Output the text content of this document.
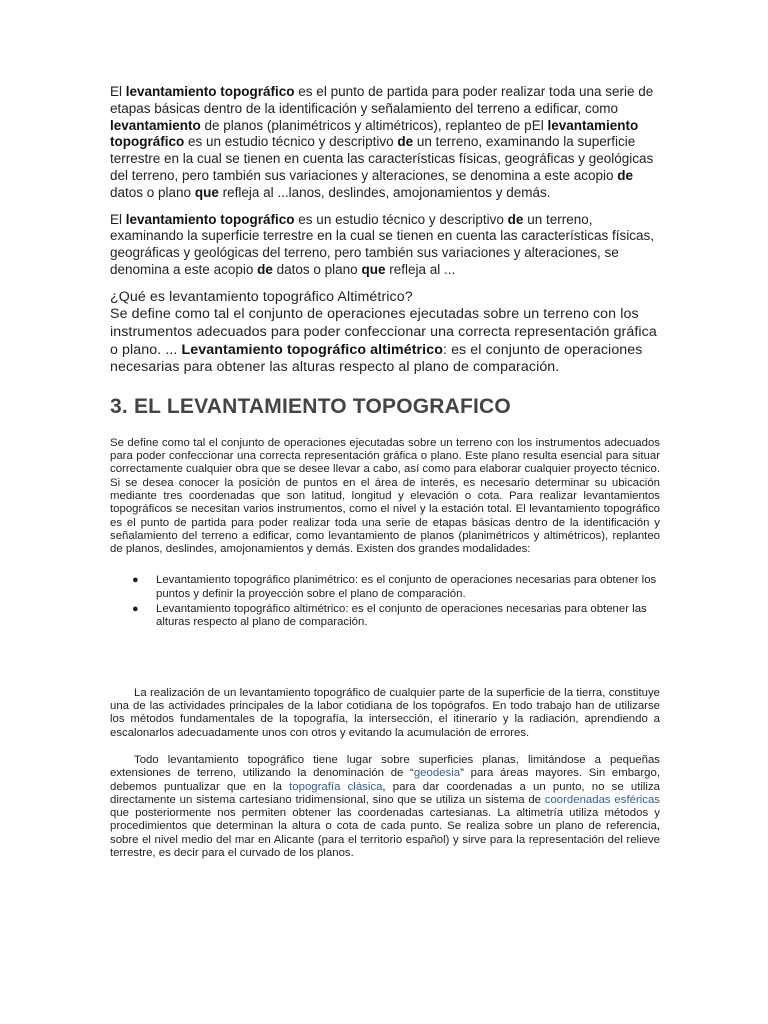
El levantamiento topográfico es el punto de partida para poder realizar toda una serie de etapas básicas dentro de la identificación y señalamiento del terreno a edificar, como levantamiento de planos (planimétricos y altimétricos), replanteo de pEl levantamiento topográfico es un estudio técnico y descriptivo de un terreno, examinando la superficie terrestre en la cual se tienen en cuenta las características físicas, geográficas y geológicas del terreno, pero también sus variaciones y alteraciones, se denomina a este acopio de datos o plano que refleja al ...lanos, deslindes, amojonamientos y demás.

El levantamiento topográfico es un estudio técnico y descriptivo de un terreno, examinando la superficie terrestre en la cual se tienen en cuenta las características físicas, geográficas y geológicas del terreno, pero también sus variaciones y alteraciones, se denomina a este acopio de datos o plano que refleja al ...

¿Qué es levantamiento topográfico Altimétrico?
Se define como tal el conjunto de operaciones ejecutadas sobre un terreno con los instrumentos adecuados para poder confeccionar una correcta representación gráfica o plano. ... Levantamiento topográfico altimétrico: es el conjunto de operaciones necesarias para obtener las alturas respecto al plano de comparación.

3. EL LEVANTAMIENTO TOPOGRAFICO

Se define como tal el conjunto de operaciones ejecutadas sobre un terreno con los instrumentos adecuados para poder confeccionar una correcta representación gráfica o plano. Este plano resulta esencial para situar correctamente cualquier obra que se desee llevar a cabo, así como para elaborar cualquier proyecto técnico. Si se desea conocer la posición de puntos en el área de interés, es necesario determinar su ubicación mediante tres coordenadas que son latitud, longitud y elevación o cota. Para realizar levantamientos topográficos se necesitan varios instrumentos, como el nivel y la estación total. El levantamiento topográfico es el punto de partida para poder realizar toda una serie de etapas básicas dentro de la identificación y señalamiento del terreno a edificar, como levantamiento de planos (planimétricos y altimétricos), replanteo de planos, deslindes, amojonamientos y demás. Existen dos grandes modalidades:

● Levantamiento topográfico planimétrico: es el conjunto de operaciones necesarias para obtener los puntos y definir la proyección sobre el plano de comparación.
● Levantamiento topográfico altimétrico: es el conjunto de operaciones necesarias para obtener las alturas respecto al plano de comparación.

La realización de un levantamiento topográfico de cualquier parte de la superficie de la tierra, constituye una de las actividades principales de la labor cotidiana de los topógrafos. En todo trabajo han de utilizarse los métodos fundamentales de la topografía, la intersección, el itinerario y la radiación, aprendiendo a escalonarlos adecuadamente unos con otros y evitando la acumulación de errores.

Todo levantamiento topográfico tiene lugar sobre superficies planas, limitándose a pequeñas extensiones de terreno, utilizando la denominación de “geodesia” para áreas mayores. Sin embargo, debemos puntualizar que en la topografía clásica, para dar coordenadas a un punto, no se utiliza directamente un sistema cartesiano tridimensional, sino que se utiliza un sistema de coordenadas esféricas que posteriormente nos permiten obtener las coordenadas cartesianas. La altimetría utiliza métodos y procedimientos que determinan la altura o cota de cada punto. Se realiza sobre un plano de referencia, sobre el nivel medio del mar en Alicante (para el territorio español) y sirve para la representación del relieve terrestre, es decir para el curvado de los planos.
